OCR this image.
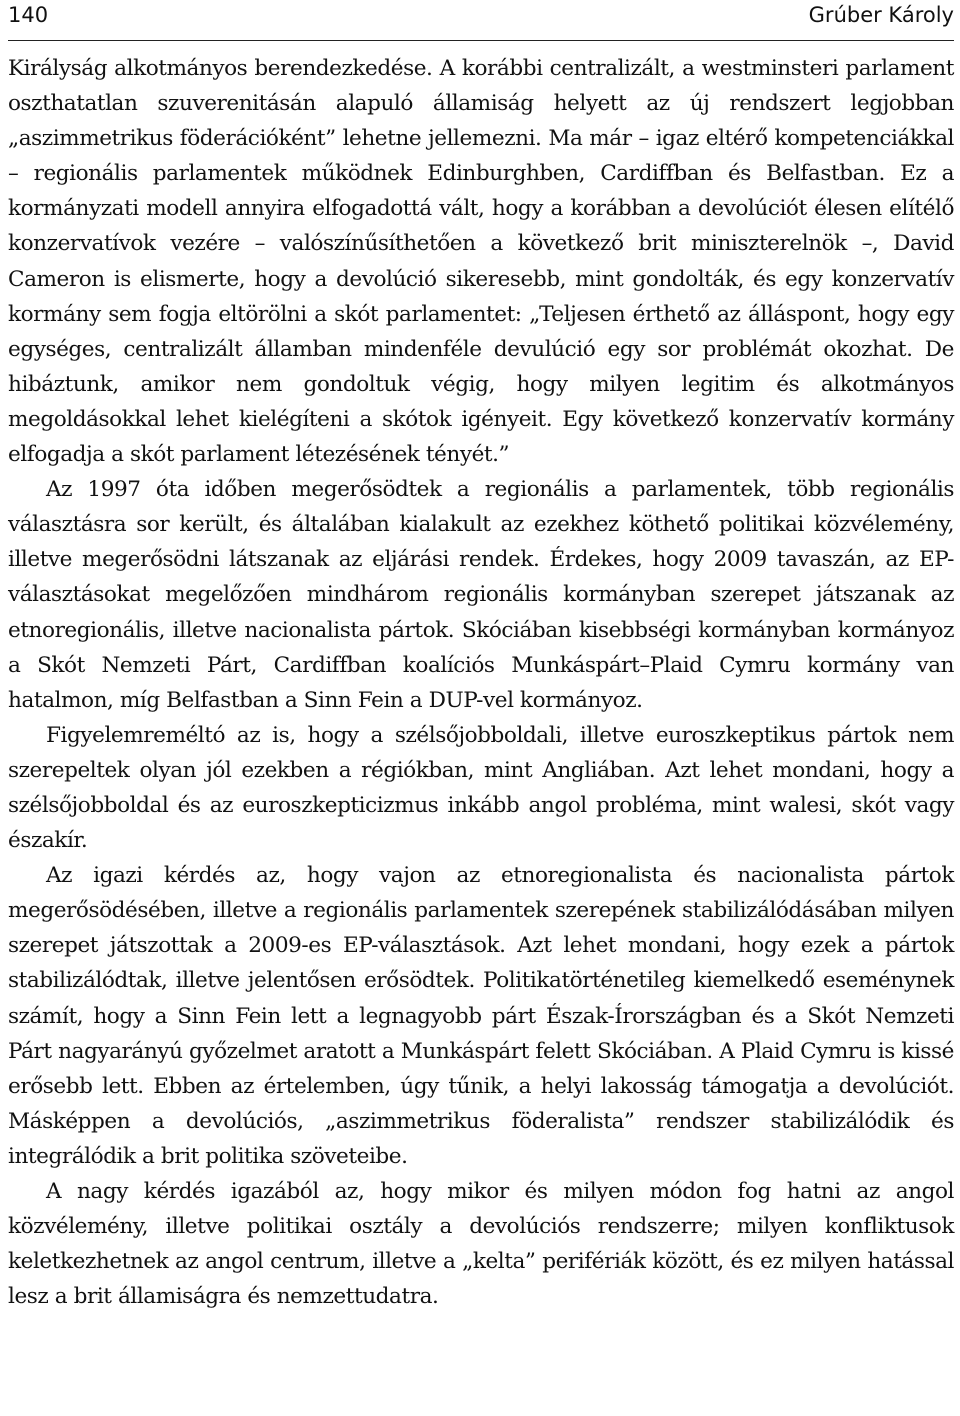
140	Grúber Károly

Királyság alkotmányos berendezkedése. A korábbi centralizált, a westminsteri parlament oszthatatlan szuverenitásán alapuló államiság helyett az új rendszert legjobban „aszimmetrikus föderációként” lehetne jellemezni. Ma már – igaz eltérő kompetenciákkal – regionális parlamentek működnek Edinburghben, Cardiffban és Belfastban. Ez a kormányzati modell annyira elfogadottá vált, hogy a korábban a devolúciót élesen elítélő konzervatívok vezére – valószínűsíthetően a következő brit miniszterelnök –, David Cameron is elismerte, hogy a devolúció sikeresebb, mint gondolták, és egy konzervatív kormány sem fogja eltörölni a skót parlamentet: „Teljesen érthető az álláspont, hogy egy egységes, centralizált államban mindenféle devulúció egy sor problémát okozhat. De hibáztunk, amikor nem gondoltuk végig, hogy milyen legitim és alkotmányos megoldásokkal lehet kielégíteni a skótok igényeit. Egy következő konzervatív kormány elfogadja a skót parlament létezésének tényét.”

Az 1997 óta időben megerősödtek a regionális a parlamentek, több regionális választásra sor került, és általában kialakult az ezekhez köthető politikai közvélemény, illetve megerősödni látszanak az eljárási rendek. Érdekes, hogy 2009 tavaszán, az EP-választásokat megelőzően mindhárom regionális kormányban szerepet játszanak az etnoregionális, illetve nacionalista pártok. Skóciában kisebbségi kormányban kormányoz a Skót Nemzeti Párt, Cardiffban koalíciós Munkáspárt–Plaid Cymru kormány van hatalmon, míg Belfastban a Sinn Fein a DUP-vel kormányoz.

Figyelemreméltó az is, hogy a szélsőjobboldali, illetve euroszkeptikus pártok nem szerepeltek olyan jól ezekben a régiókban, mint Angliában. Azt lehet mondani, hogy a szélsőjobboldal és az euroszkepticizmus inkább angol probléma, mint walesi, skót vagy északír.

Az igazi kérdés az, hogy vajon az etnoregionalista és nacionalista pártok megerősödésében, illetve a regionális parlamentek szerepének stabilizálódásában milyen szerepet játszottak a 2009-es EP-választások. Azt lehet mondani, hogy ezek a pártok stabilizálódtak, illetve jelentősen erősödtek. Politikatörténetileg kiemelkedő eseménynek számít, hogy a Sinn Fein lett a legnagyobb párt Észak-Írországban és a Skót Nemzeti Párt nagyarányú győzelmet aratott a Munkáspárt felett Skóciában. A Plaid Cymru is kissé erősebb lett. Ebben az értelemben, úgy tűnik, a helyi lakosság támogatja a devolúciót. Másképpen a devolúciós, „aszimmetrikus föderalista” rendszer stabilizálódik és integrálódik a brit politika szöveteibe.

A nagy kérdés igazából az, hogy mikor és milyen módon fog hatni az angol közvélemény, illetve politikai osztály a devolúciós rendszerre; milyen konfliktusok keletkezhetnek az angol centrum, illetve a „kelta” perifériák között, és ez milyen hatással lesz a brit államiságra és nemzettudatra.
